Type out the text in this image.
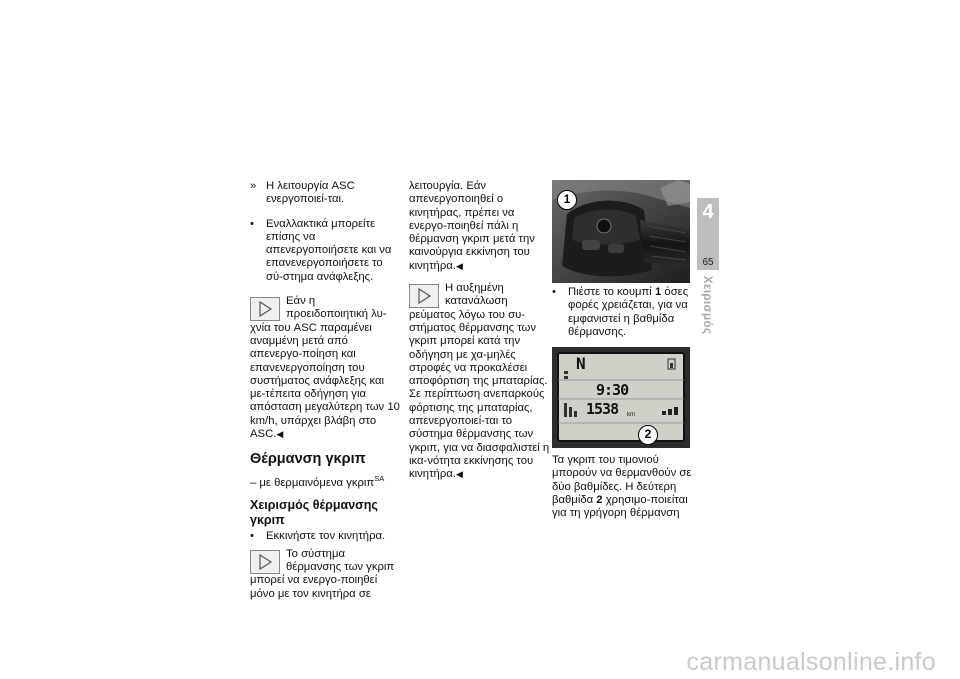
» Η λειτουργία ASC ενεργοποιεί-ται.

• Εναλλακτικά μπορείτε επίσης να απενεργοποιήσετε και να επανενεργοποιήσετε το σύ-στημα ανάφλεξης.

Εάν η προειδοποιητική λυ-χνία του ASC παραμένει αναμμένη μετά από απενεργο-ποίηση και επανενεργοποίηση του συστήματος ανάφλεξης και με-τέπειτα οδήγηση για απόσταση μεγαλύτερη των 10 km/h, υπάρχει βλάβη στο ASC.◀

Θέρμανση γκριπ

– με θερμαινόμενα γκριπ$^{SA}$

Χειρισμός θέρμανσης γκριπ

• Εκκινήστε τον κινητήρα.

Το σύστημα θέρμανσης των γκριπ μπορεί να ενεργο-ποιηθεί μόνο με τον κινητήρα σε

λειτουργία. Εάν απενεργοποιηθεί ο κινητήρας, πρέπει να ενεργο-ποιηθεί πάλι η θέρμανση γκριπ μετά την καινούργια εκκίνηση του κινητήρα.◀

Η αυξημένη κατανάλωση ρεύματος λόγω του συ-στήματος θέρμανσης των γκριπ μπορεί κατά την οδήγηση με χα-μηλές στροφές να προκαλέσει αποφόρτιση της μπαταρίας. Σε περίπτωση ανεπαρκούς φόρτισης της μπαταρίας, απενεργοποιεί-ται το σύστημα θέρμανσης των γκριπ, για να διασφαλιστεί η ικα-νότητα εκκίνησης του κινητήρα.◀

1

• Πιέστε το κουμπί 1 όσες φορές χρειάζεται, για να εμφανιστεί η βαθμίδα θέρμανσης.

N
9:30
1538 km
2

Τα γκριπ του τιμονιού μπορούν να θερμανθούν σε δύο βαθμίδες. Η δεύτερη βαθμίδα 2 χρησιμο-ποιείται για τη γρήγορη θέρμανση

4
65
Χειρισμός
carmanualsonline.info
